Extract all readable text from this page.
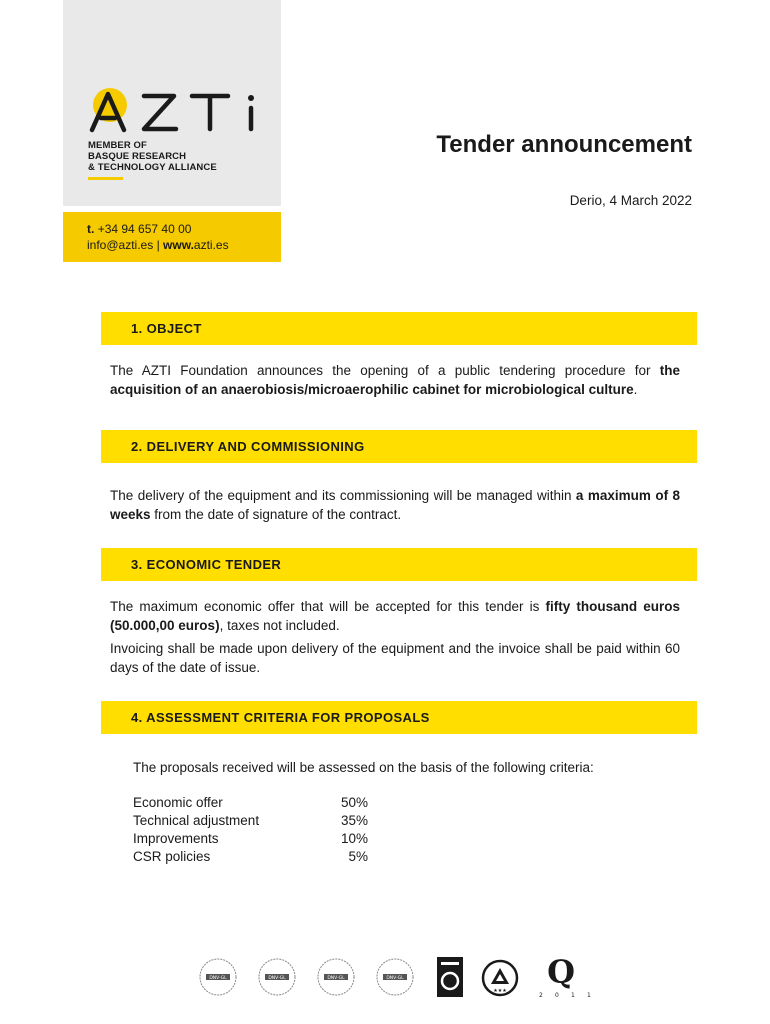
MEMBER OF
BASQUE RESEARCH
& TECHNOLOGY ALLIANCE
t. +34 94 657 40 00
info@azti.es | www.azti.es
Tender announcement
Derio, 4 March 2022
1. OBJECT
The AZTI Foundation announces the opening of a public tendering procedure for the acquisition of an anaerobiosis/microaerophilic cabinet for microbiological culture.
2. DELIVERY AND COMMISSIONING
The delivery of the equipment and its commissioning will be managed within a maximum of 8 weeks from the date of signature of the contract.
3. ECONOMIC TENDER
The maximum economic offer that will be accepted for this tender is fifty thousand euros (50.000,00 euros), taxes not included.
Invoicing shall be made upon delivery of the equipment and the invoice shall be paid within 60 days of the date of issue.
4. ASSESSMENT CRITERIA FOR PROPOSALS
The proposals received will be assessed on the basis of the following criteria:
Economic offer	50%
Technical adjustment	35%
Improvements	10%
CSR policies	5%
DNV·GL	DNV·GL	DNV·GL	DNV·GL
★★★ Q
2 0 1 1
